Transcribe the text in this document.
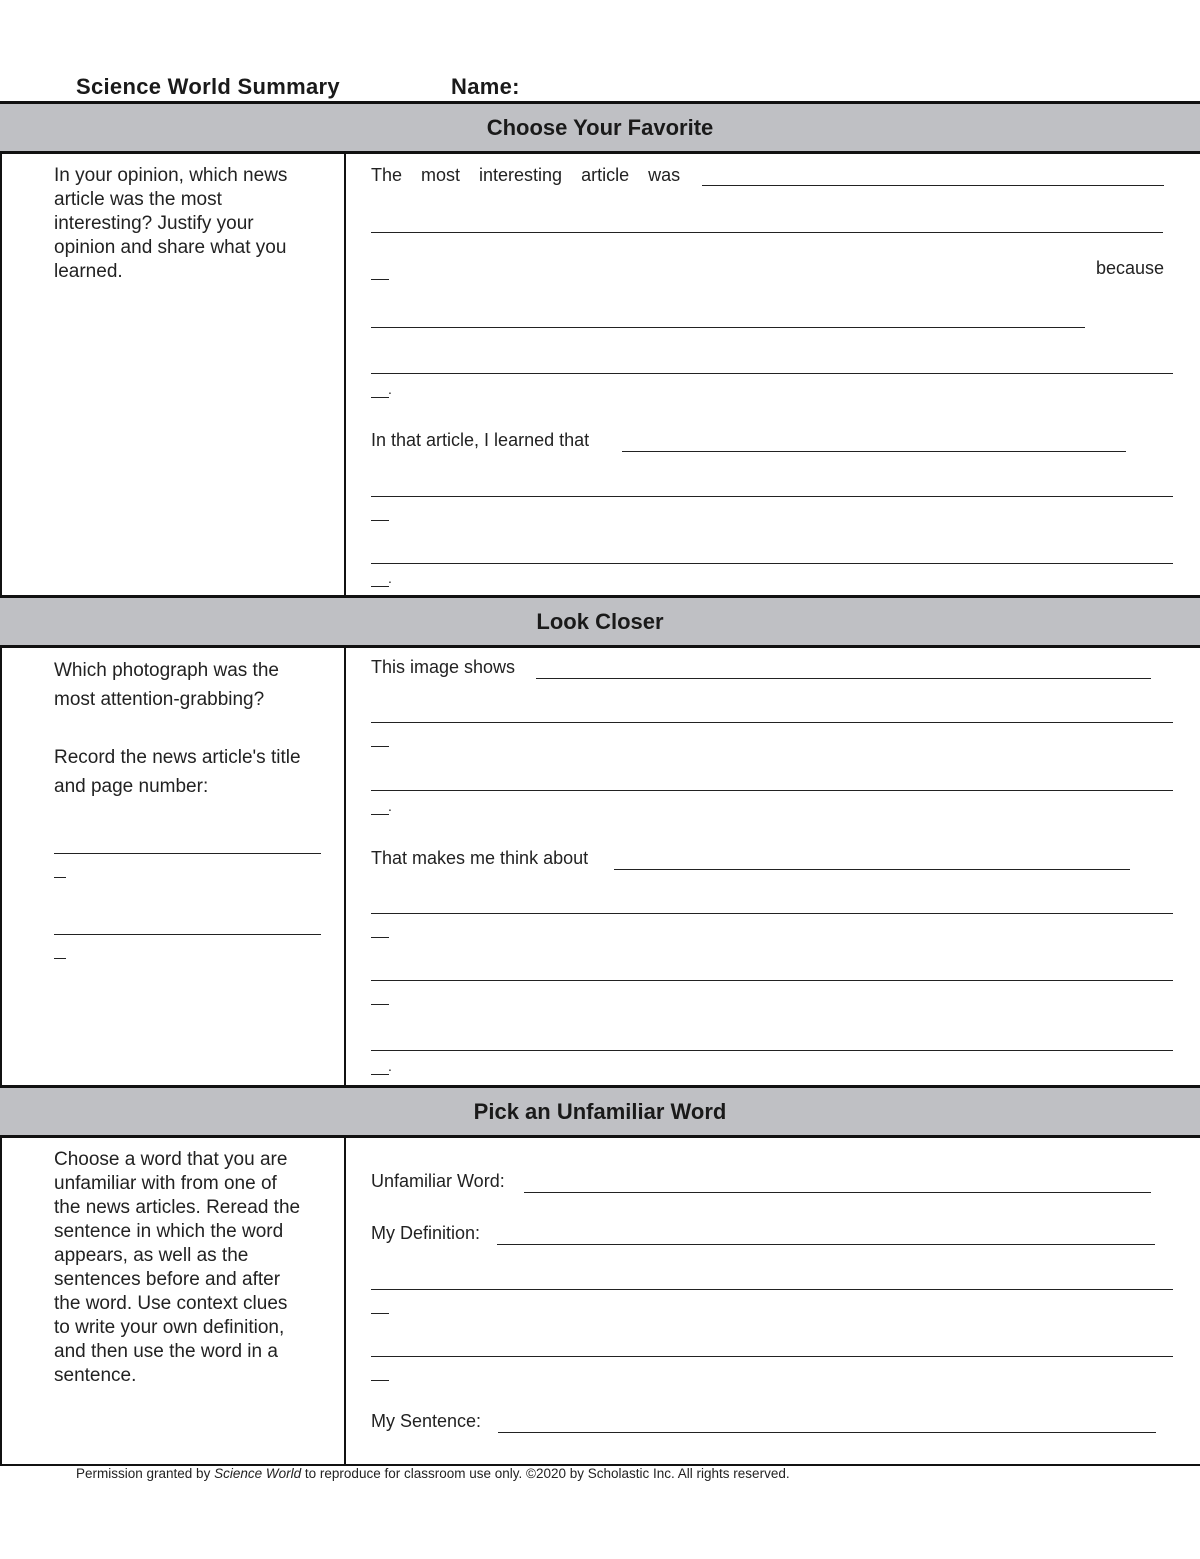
Science World Summary	Name:
Choose Your Favorite
In your opinion, which news article was the most interesting? Justify your opinion and share what you learned.
The most interesting article was
because
.
In that article, I learned that
.
Look Closer
Which photograph was the most attention-grabbing?
Record the news article's title and page number:
This image shows
.
That makes me think about
.
Pick an Unfamiliar Word
Choose a word that you are unfamiliar with from one of the news articles. Reread the sentence in which the word appears, as well as the sentences before and after the word. Use context clues to write your own definition, and then use the word in a sentence.
Unfamiliar Word:
My Definition:
My Sentence:
Permission granted by Science World to reproduce for classroom use only. ©2020 by Scholastic Inc. All rights reserved.
